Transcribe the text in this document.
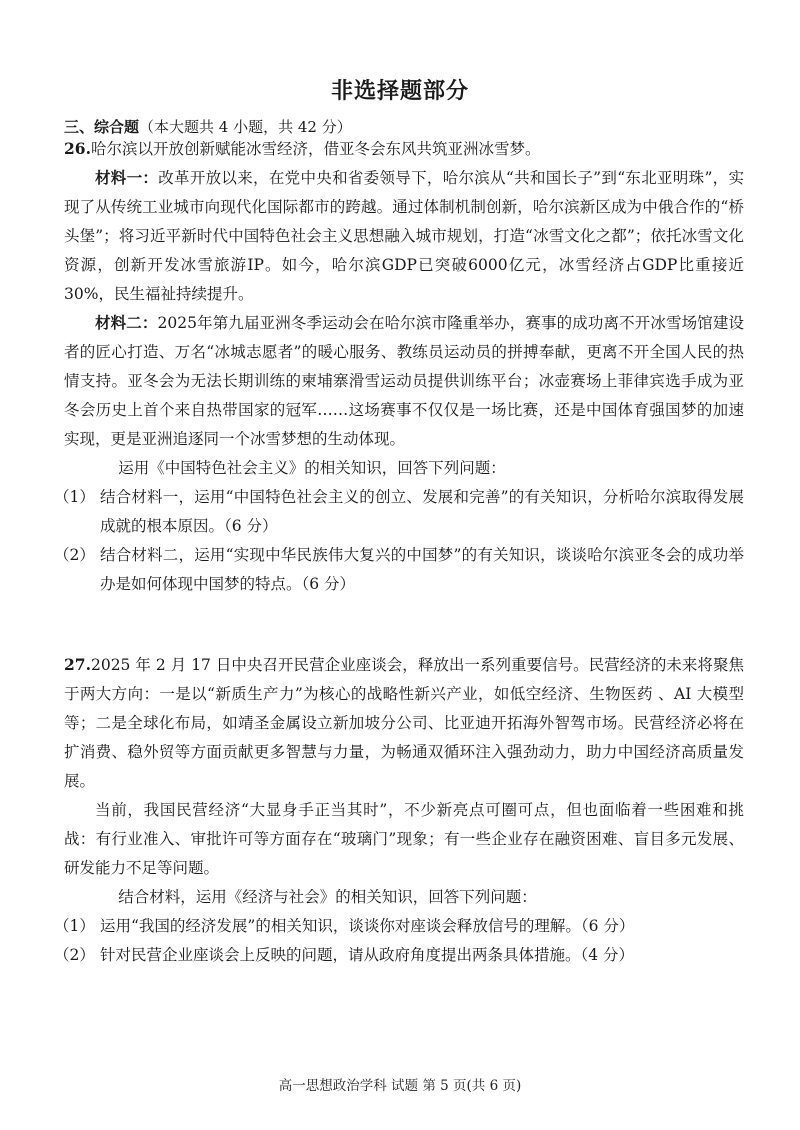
非选择题部分
三、综合题（本大题共 4 小题，共 42 分）
26.哈尔滨以开放创新赋能冰雪经济，借亚冬会东风共筑亚洲冰雪梦。
材料一：改革开放以来，在党中央和省委领导下，哈尔滨从“共和国长子”到“东北亚明珠”，实现了从传统工业城市向现代化国际都市的跨越。通过体制机制创新，哈尔滨新区成为中俄合作的“桥头堡”；将习近平新时代中国特色社会主义思想融入城市规划，打造“冰雪文化之都”；依托冰雪文化资源，创新开发冰雪旅游IP。如今，哈尔滨GDP已突破6000亿元，冰雪经济占GDP比重接近30%，民生福祉持续提升。
材料二：2025年第九届亚洲冬季运动会在哈尔滨市隆重举办，赛事的成功离不开冰雪场馆建设者的匠心打造、万名“冰城志愿者”的暖心服务、教练员运动员的拼搏奉献，更离不开全国人民的热情支持。亚冬会为无法长期训练的柬埔寨滑雪运动员提供训练平台；冰壶赛场上菲律宾选手成为亚冬会历史上首个来自热带国家的冠军……这场赛事不仅仅是一场比赛，还是中国体育强国梦的加速实现，更是亚洲追逐同一个冰雪梦想的生动体现。
运用《中国特色社会主义》的相关知识，回答下列问题：
（1） 结合材料一，运用“中国特色社会主义的创立、发展和完善”的有关知识，分析哈尔滨取得发展成就的根本原因。（6 分）
（2） 结合材料二，运用“实现中华民族伟大复兴的中国梦”的有关知识，谈谈哈尔滨亚冬会的成功举办是如何体现中国梦的特点。（6 分）
27.2025 年 2 月 17 日中央召开民营企业座谈会，释放出一系列重要信号。民营经济的未来将聚焦于两大方向：一是以“新质生产力”为核心的战略性新兴产业，如低空经济、生物医药 、AI 大模型等；二是全球化布局，如靖圣金属设立新加坡分公司、比亚迪开拓海外智驾市场。民营经济必将在扩消费、稳外贸等方面贡献更多智慧与力量，为畅通双循环注入强劲动力，助力中国经济高质量发展。
当前，我国民营经济“大显身手正当其时”，不少新亮点可圈可点，但也面临着一些困难和挑战：有行业准入、审批许可等方面存在“玻璃门”现象；有一些企业存在融资困难、盲目多元发展、研发能力不足等问题。
结合材料，运用《经济与社会》的相关知识，回答下列问题：
（1） 运用“我国的经济发展”的相关知识，谈谈你对座谈会释放信号的理解。（6 分）
（2） 针对民营企业座谈会上反映的问题，请从政府角度提出两条具体措施。（4 分）
高一思想政治学科 试题 第 5 页(共 6 页)
